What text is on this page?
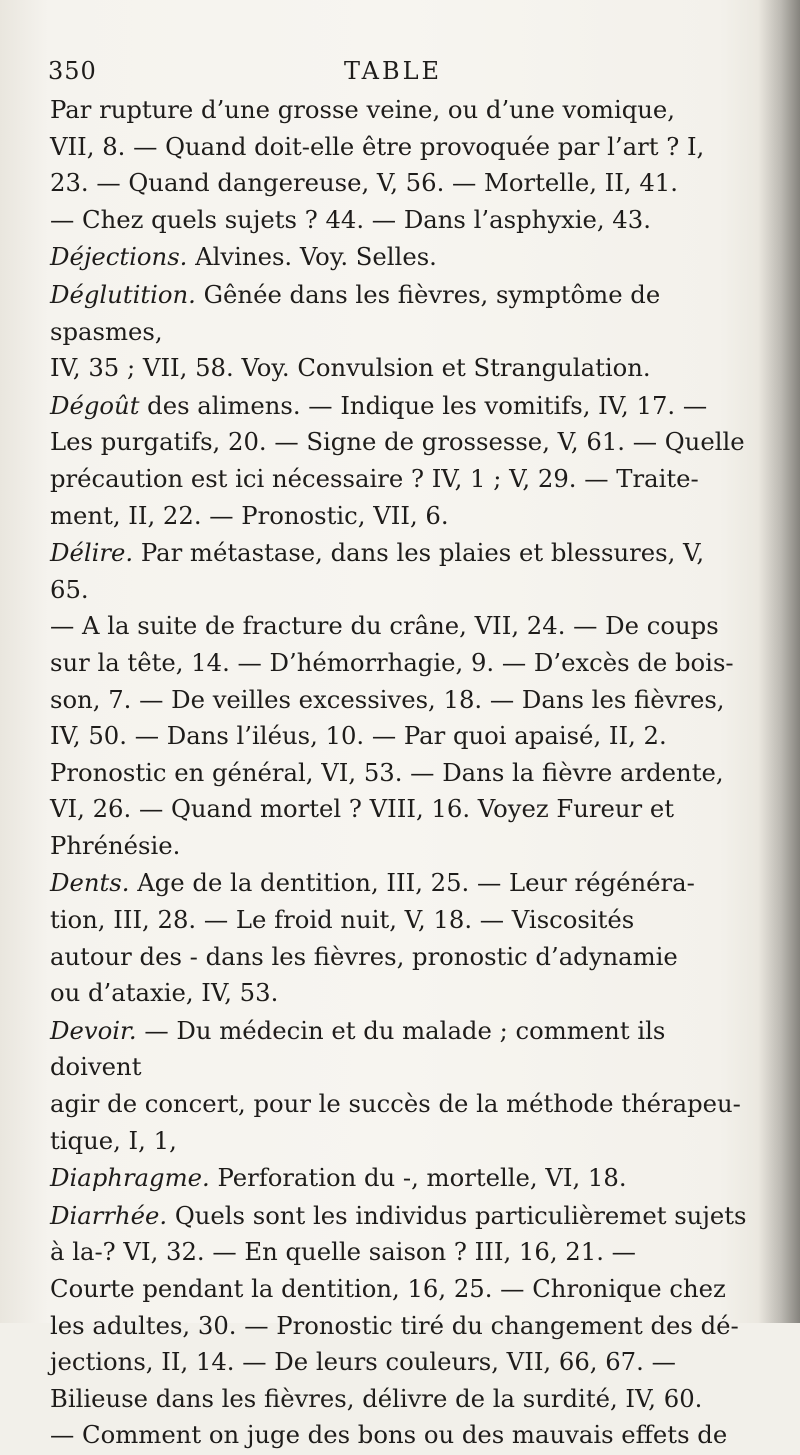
350	TABLE
Par rupture d’une grosse veine, ou d’une vomique,
VII, 8. — Quand doit-elle être provoquée par l’art ? I,
23. — Quand dangereuse, V, 56. — Mortelle, II, 41.
— Chez quels sujets ? 44. — Dans l’asphyxie, 43.
Déjections. Alvines. Voy. Selles.
Déglutition. Gênée dans les fièvres, symptôme de spasmes,
IV, 35 ; VII, 58. Voy. Convulsion et Strangulation.
Dégoût des alimens. — Indique les vomitifs, IV, 17. —
Les purgatifs, 20. — Signe de grossesse, V, 61. — Quelle
précaution est ici nécessaire ? IV, 1 ; V, 29. — Traite-
ment, II, 22. — Pronostic, VII, 6.
Délire. Par métastase, dans les plaies et blessures, V, 65.
— A la suite de fracture du crâne, VII, 24. — De coups
sur la tête, 14. — D’hémorrhagie, 9. — D’excès de bois-
son, 7. — De veilles excessives, 18. — Dans les fièvres,
IV, 50. — Dans l’iléus, 10. — Par quoi apaisé, II, 2.
Pronostic en général, VI, 53. — Dans la fièvre ardente,
VI, 26. — Quand mortel ? VIII, 16. Voyez Fureur et
Phrénésie.
Dents. Age de la dentition, III, 25. — Leur régénéra-
tion, III, 28. — Le froid nuit, V, 18. — Viscosités
autour des - dans les fièvres, pronostic d’adynamie
ou d’ataxie, IV, 53.
Devoir. — Du médecin et du malade ; comment ils doivent
agir de concert, pour le succès de la méthode thérapeu-
tique, I, 1,
Diaphragme. Perforation du -, mortelle, VI, 18.
Diarrhée. Quels sont les individus particulièremet sujets
à la-? VI, 32. — En quelle saison ? III, 16, 21. —
Courte pendant la dentition, 16, 25. — Chronique chez
les adultes, 30. — Pronostic tiré du changement des dé-
jections, II, 14. — De leurs couleurs, VII, 66, 67. —
Bilieuse dans les fièvres, délivre de la surdité, IV, 60.
— Comment on juge des bons ou des mauvais effets de
